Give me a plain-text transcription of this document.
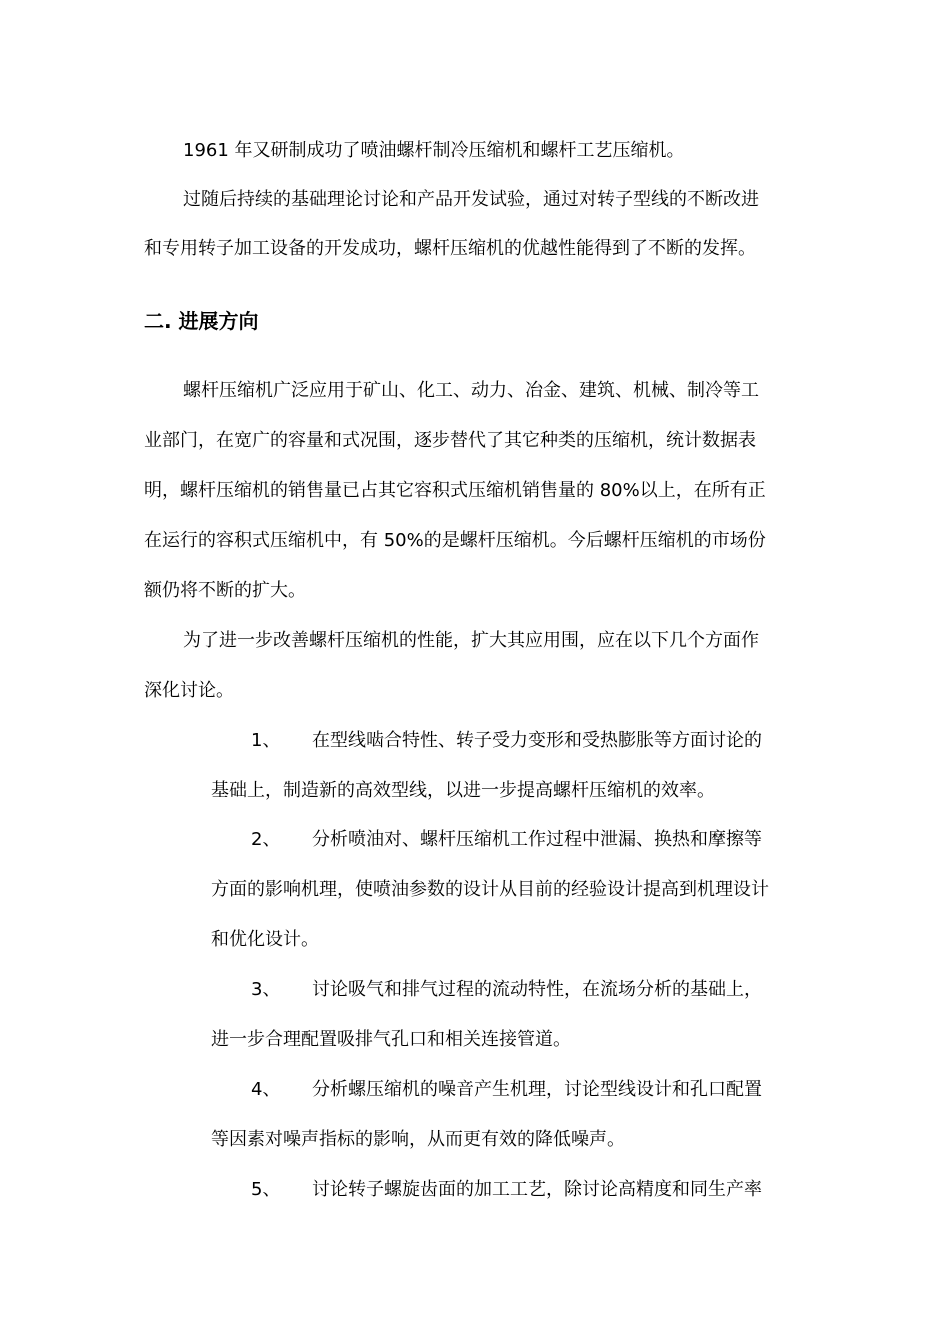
1961 年又研制成功了喷油螺杆制冷压缩机和螺杆工艺压缩机。
过随后持续的基础理论讨论和产品开发试验，通过对转子型线的不断改进
和专用转子加工设备的开发成功，螺杆压缩机的优越性能得到了不断的发挥。
二. 进展方向
螺杆压缩机广泛应用于矿山、化工、动力、冶金、建筑、机械、制冷等工
业部门，在宽广的容量和式况围，逐步替代了其它种类的压缩机，统计数据表
明，螺杆压缩机的销售量已占其它容积式压缩机销售量的 80%以上，在所有正
在运行的容积式压缩机中，有 50%的是螺杆压缩机。今后螺杆压缩机的市场份
额仍将不断的扩大。
为了进一步改善螺杆压缩机的性能，扩大其应用围，应在以下几个方面作
深化讨论。
1、 在型线啮合特性、转子受力变形和受热膨胀等方面讨论的
基础上，制造新的高效型线，以进一步提高螺杆压缩机的效率。
2、 分析喷油对、螺杆压缩机工作过程中泄漏、换热和摩擦等
方面的影响机理，使喷油参数的设计从目前的经验设计提高到机理设计
和优化设计。
3、 讨论吸气和排气过程的流动特性，在流场分析的基础上，
进一步合理配置吸排气孔口和相关连接管道。
4、 分析螺压缩机的噪音产生机理，讨论型线设计和孔口配置
等因素对噪声指标的影响，从而更有效的降低噪声。
5、 讨论转子螺旋齿面的加工工艺，除讨论高精度和同生产率
